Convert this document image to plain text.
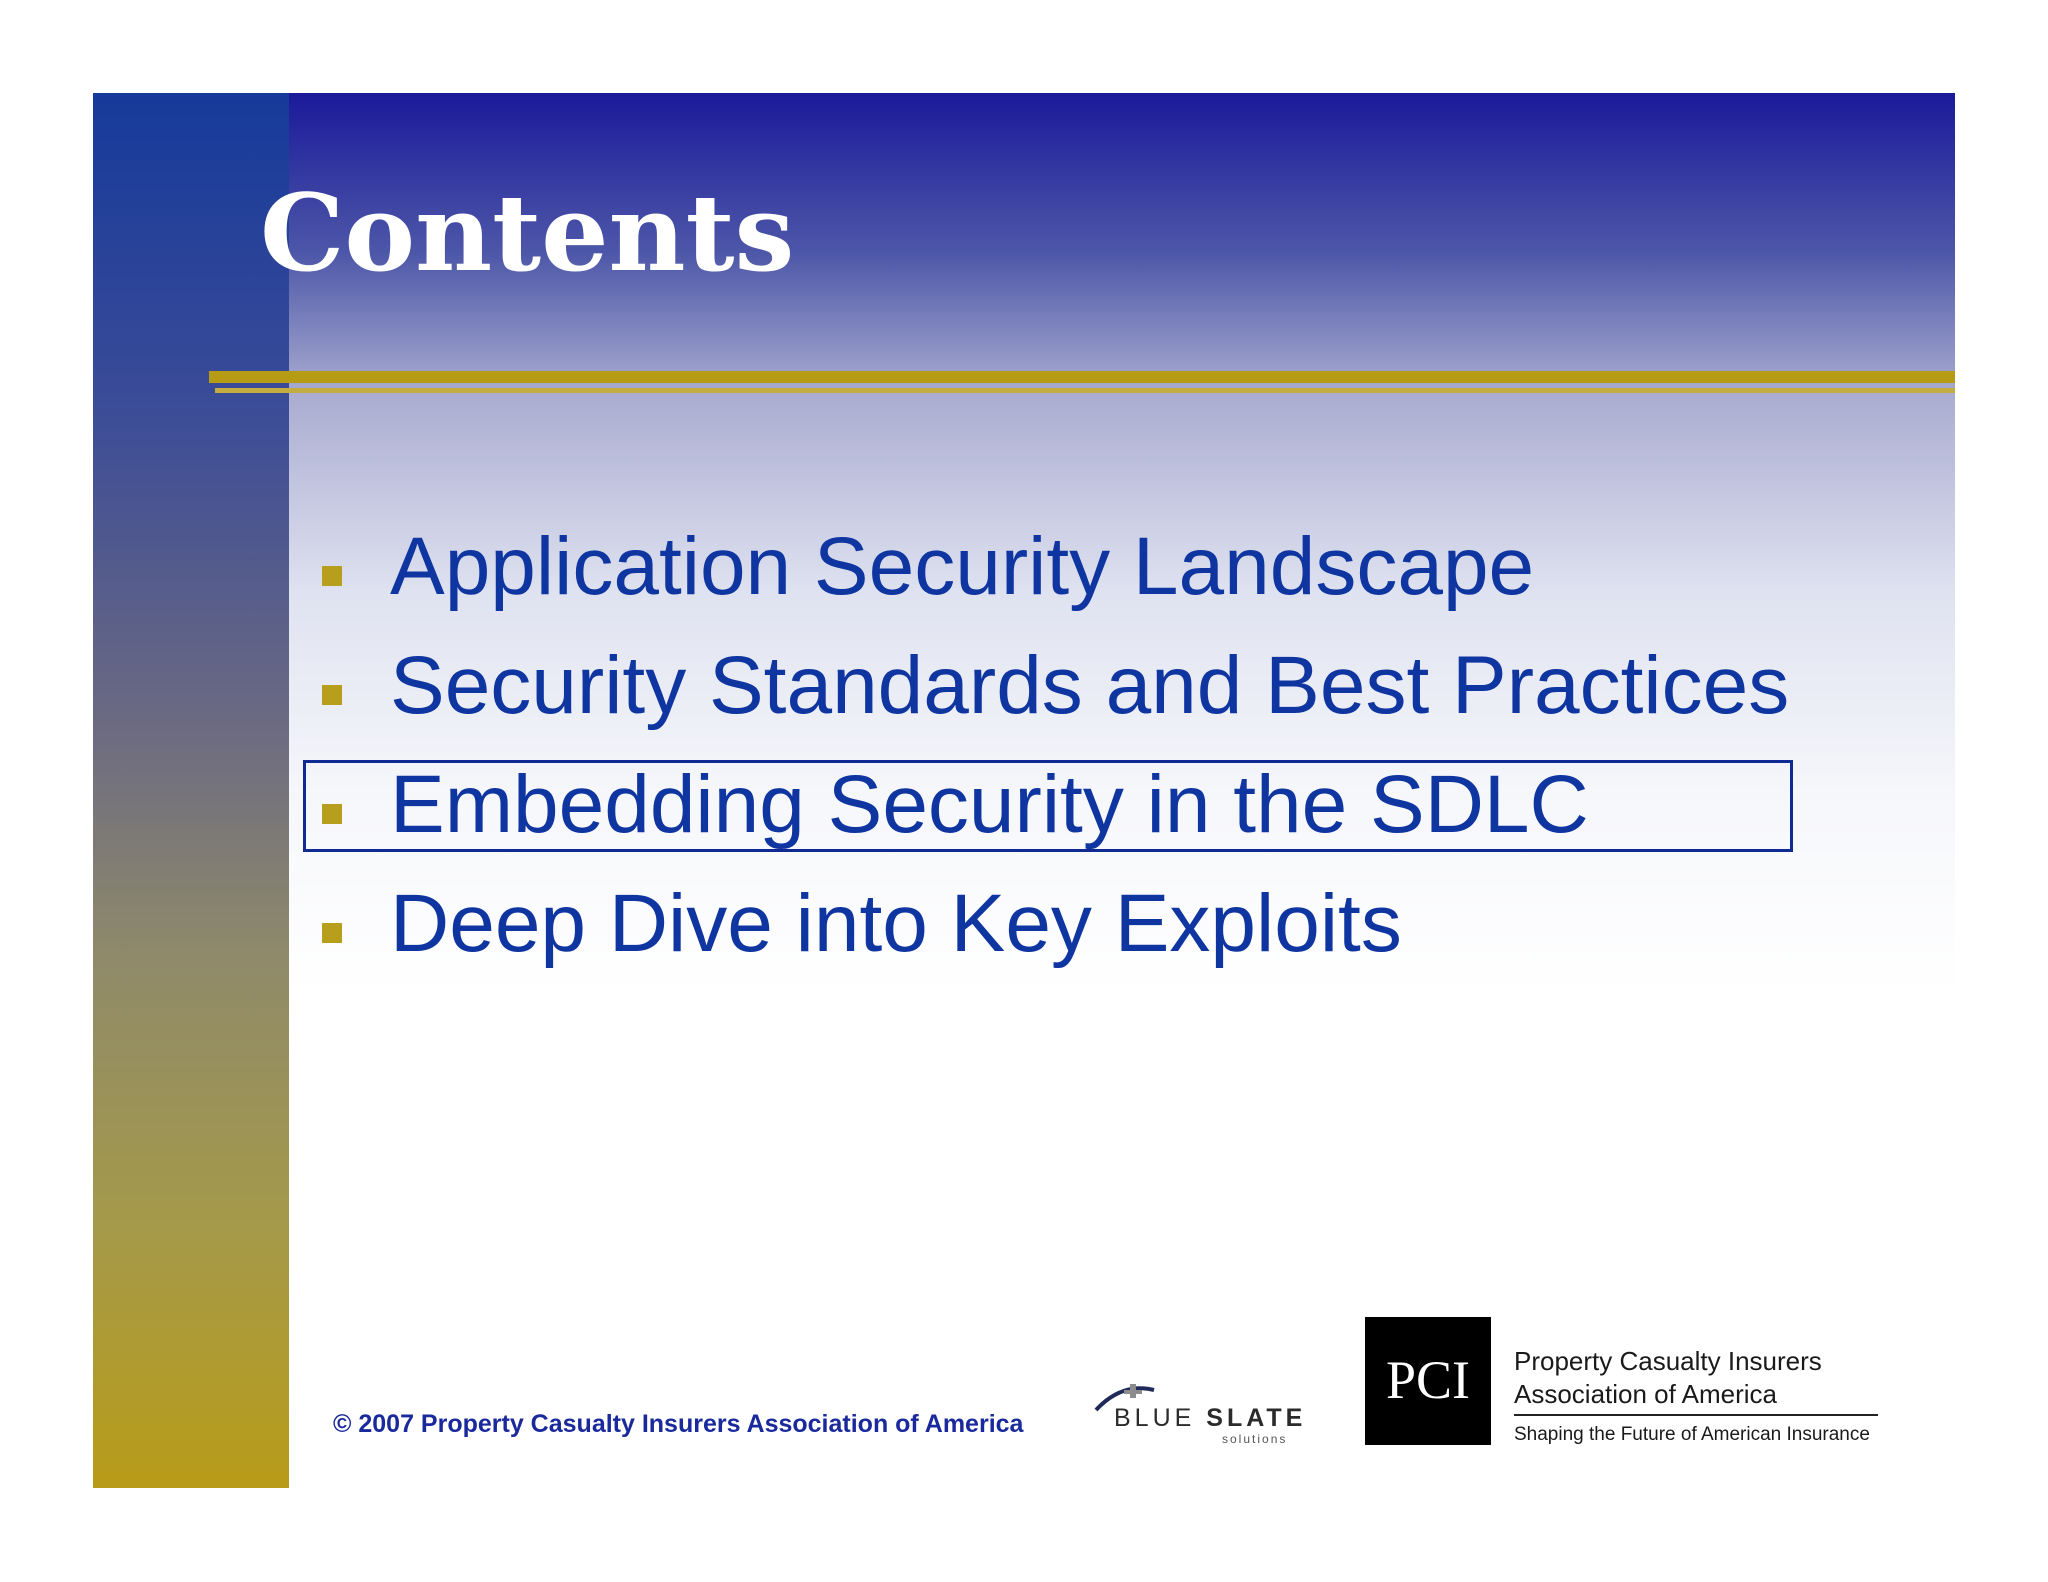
Contents
Application Security Landscape
Security Standards and Best Practices
Embedding Security in the SDLC
Deep Dive into Key Exploits
© 2007 Property Casualty Insurers Association of America	BLUE SLATE
solutions
PCI	Property Casualty Insurers
Association of America
Shaping the Future of American Insurance
